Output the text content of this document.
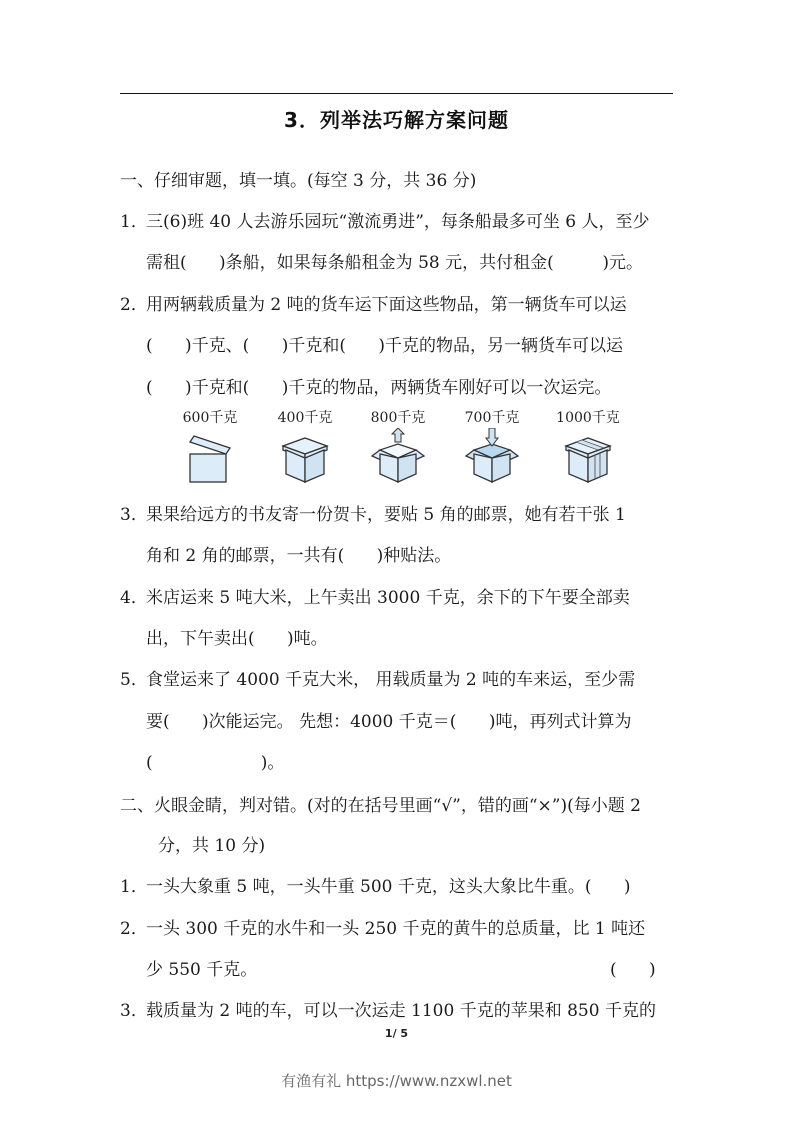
3．列举法巧解方案问题
一、仔细审题，填一填。(每空 3 分，共 36 分)
1．三(6)班 40 人去游乐园玩“激流勇进”，每条船最多可坐 6 人，至少
需租(      )条船，如果每条船租金为 58 元，共付租金(         )元。
2．用两辆载质量为 2 吨的货车运下面这些物品，第一辆货车可以运
(      )千克、(      )千克和(      )千克的物品，另一辆货车可以运
(      )千克和(      )千克的物品，两辆货车刚好可以一次运完。
600千克	400千克	800千克	700千克	1000千克
3．果果给远方的书友寄一份贺卡，要贴 5 角的邮票，她有若干张 1
角和 2 角的邮票，一共有(      )种贴法。
4．米店运来 5 吨大米，上午卖出 3000 千克，余下的下午要全部卖
出，下午卖出(      )吨。
5．食堂运来了 4000 千克大米， 用载质量为 2 吨的车来运，至少需
要(      )次能运完。 先想：4000 千克＝(      )吨，再列式计算为
(                    )。
二、火眼金睛，判对错。(对的在括号里画“√”，错的画“×”)(每小题 2
分，共 10 分)
1．一头大象重 5 吨，一头牛重 500 千克，这头大象比牛重。(      )
2．一头 300 千克的水牛和一头 250 千克的黄牛的总质量，比 1 吨还
少 550 千克。	(      )
3．载质量为 2 吨的车，可以一次运走 1100 千克的苹果和 850 千克的
1/ 5
有渔有礼 https://www.nzxwl.net
